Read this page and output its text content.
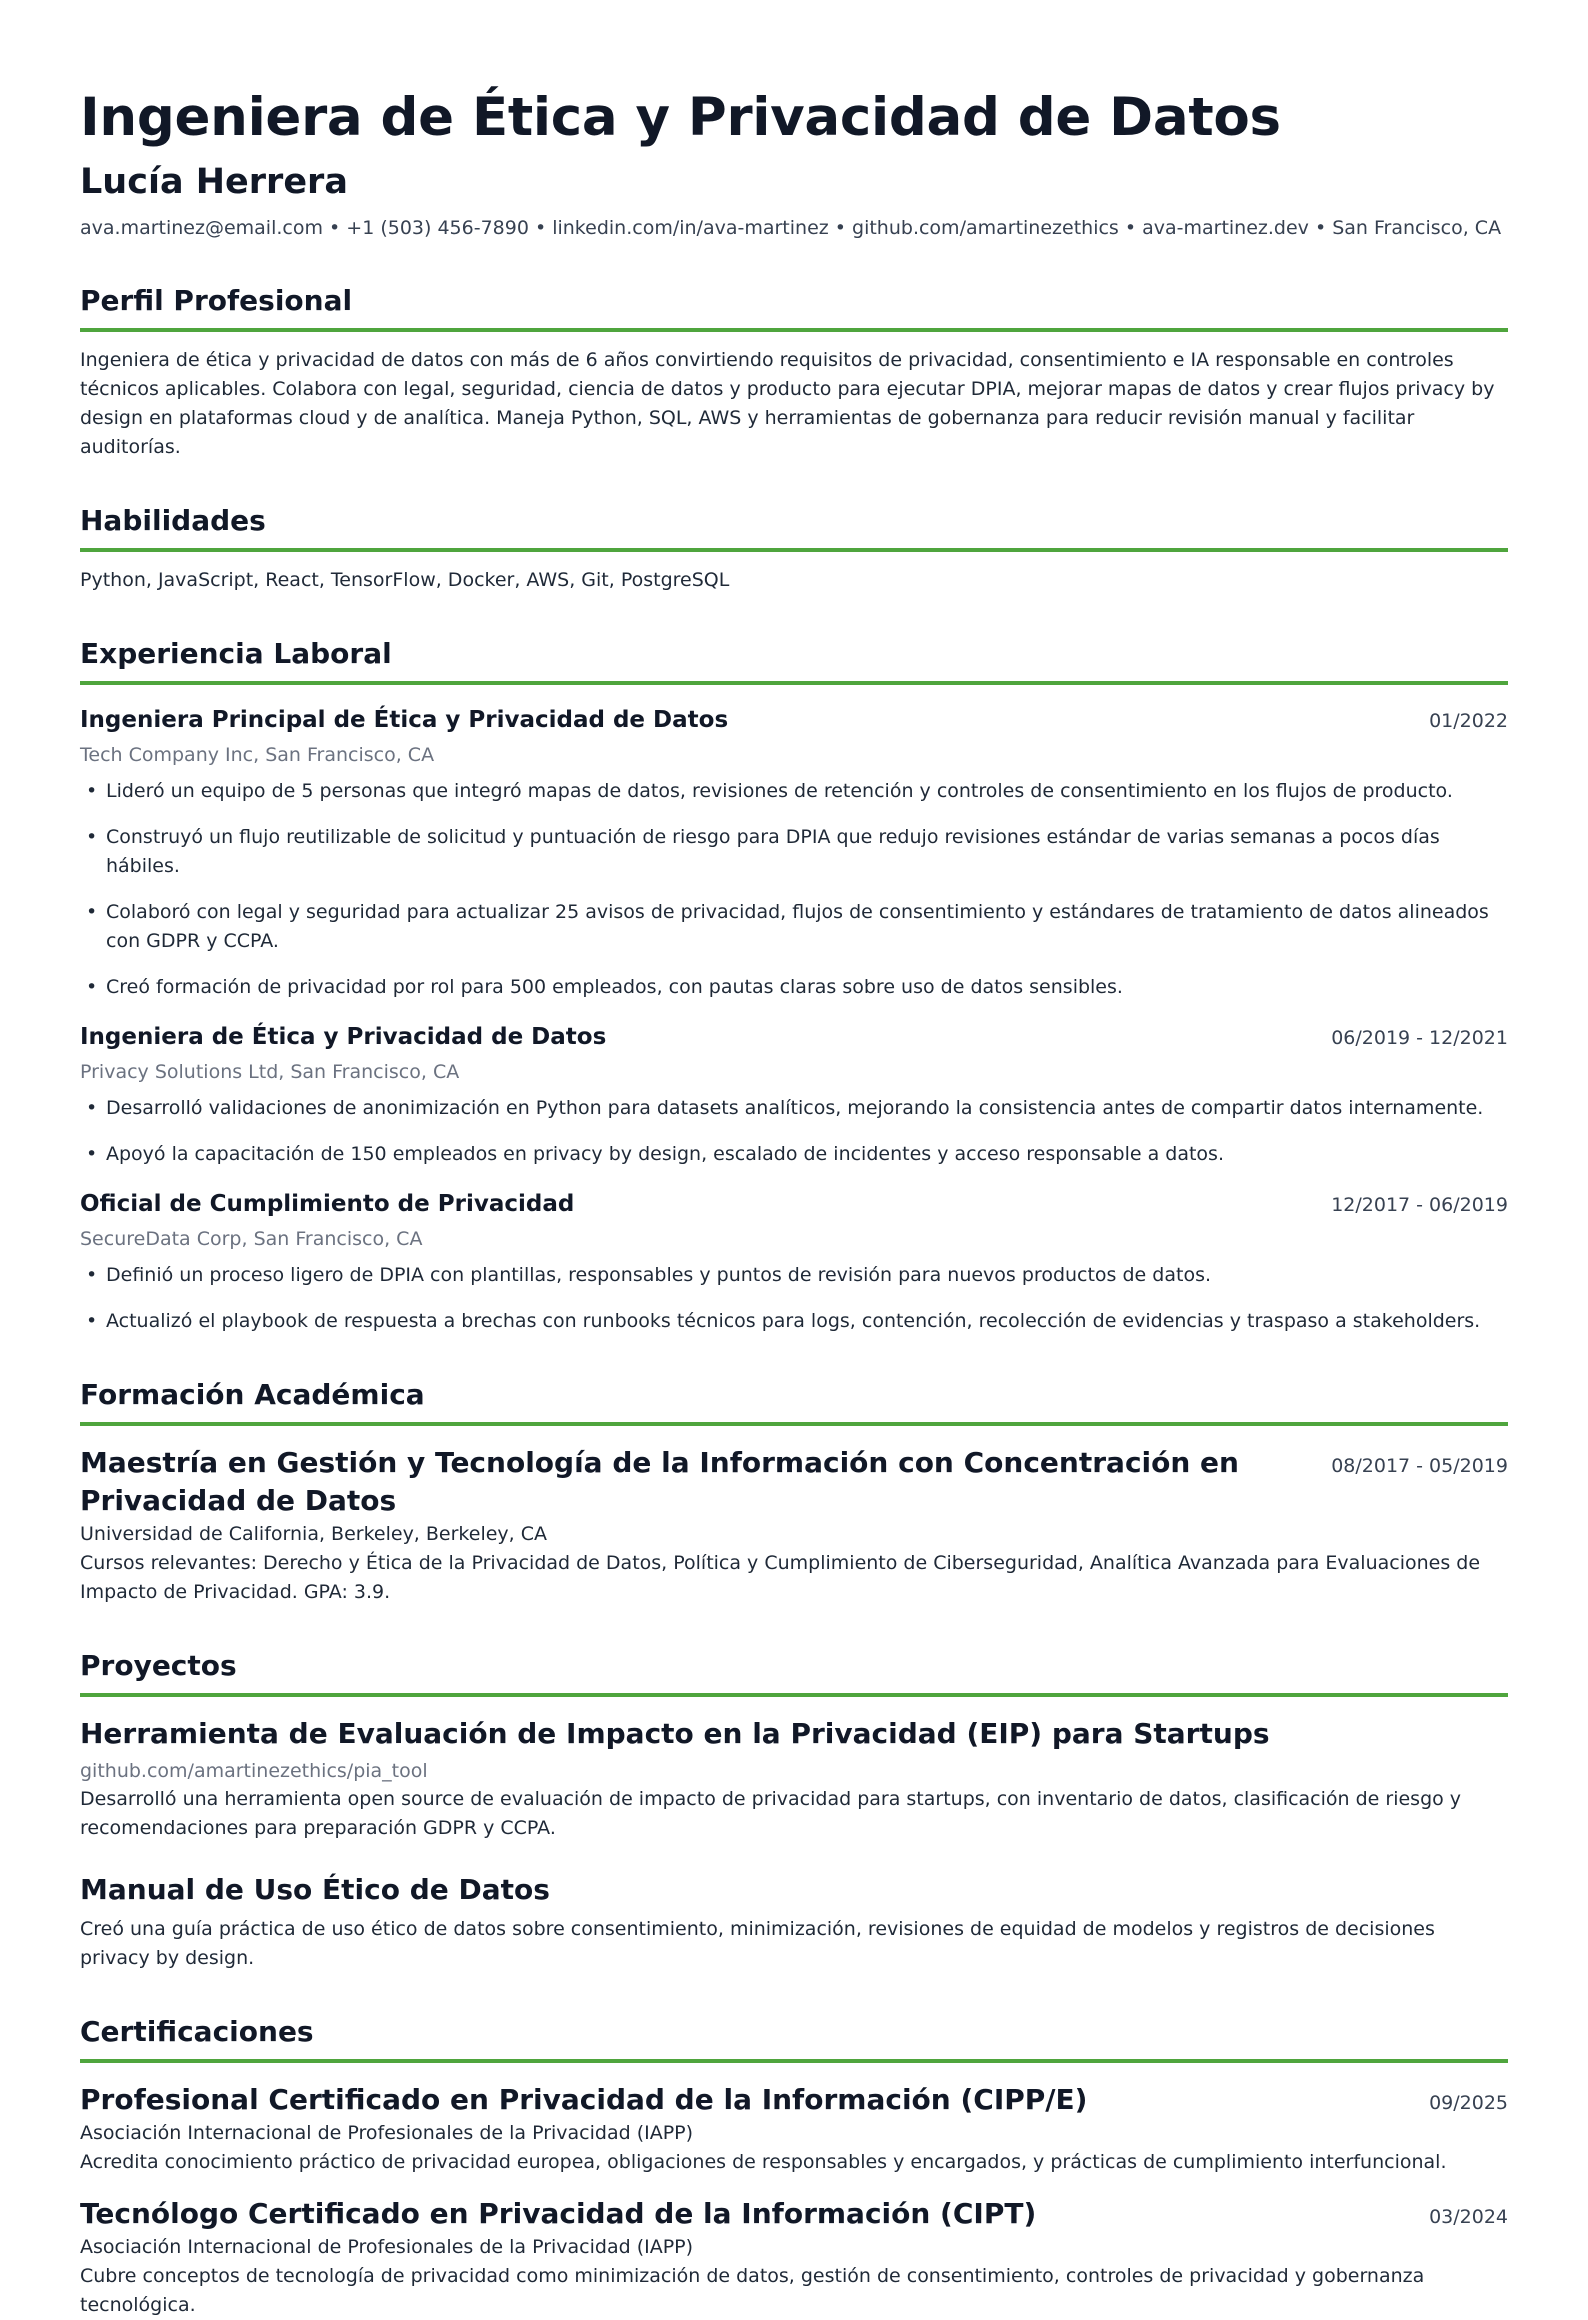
Ingeniera de Ética y Privacidad de Datos
Lucía Herrera
ava.martinez@email.com • +1 (503) 456-7890 • linkedin.com/in/ava-martinez • github.com/amartinezethics • ava-martinez.dev • San Francisco, CA
Perfil Profesional
Ingeniera de ética y privacidad de datos con más de 6 años convirtiendo requisitos de privacidad, consentimiento e IA responsable en controles técnicos aplicables. Colabora con legal, seguridad, ciencia de datos y producto para ejecutar DPIA, mejorar mapas de datos y crear flujos privacy by design en plataformas cloud y de analítica. Maneja Python, SQL, AWS y herramientas de gobernanza para reducir revisión manual y facilitar auditorías.
Habilidades
Python, JavaScript, React, TensorFlow, Docker, AWS, Git, PostgreSQL
Experiencia Laboral
Ingeniera Principal de Ética y Privacidad de Datos	01/2022
Tech Company Inc, San Francisco, CA
• Lideró un equipo de 5 personas que integró mapas de datos, revisiones de retención y controles de consentimiento en los flujos de producto.
• Construyó un flujo reutilizable de solicitud y puntuación de riesgo para DPIA que redujo revisiones estándar de varias semanas a pocos días hábiles.
• Colaboró con legal y seguridad para actualizar 25 avisos de privacidad, flujos de consentimiento y estándares de tratamiento de datos alineados con GDPR y CCPA.
• Creó formación de privacidad por rol para 500 empleados, con pautas claras sobre uso de datos sensibles.
Ingeniera de Ética y Privacidad de Datos	06/2019 - 12/2021
Privacy Solutions Ltd, San Francisco, CA
• Desarrolló validaciones de anonimización en Python para datasets analíticos, mejorando la consistencia antes de compartir datos internamente.
• Apoyó la capacitación de 150 empleados en privacy by design, escalado de incidentes y acceso responsable a datos.
Oficial de Cumplimiento de Privacidad	12/2017 - 06/2019
SecureData Corp, San Francisco, CA
• Definió un proceso ligero de DPIA con plantillas, responsables y puntos de revisión para nuevos productos de datos.
• Actualizó el playbook de respuesta a brechas con runbooks técnicos para logs, contención, recolección de evidencias y traspaso a stakeholders.
Formación Académica
Maestría en Gestión y Tecnología de la Información con Concentración en Privacidad de Datos
08/2017 - 05/2019
Universidad de California, Berkeley, Berkeley, CA
Cursos relevantes: Derecho y Ética de la Privacidad de Datos, Política y Cumplimiento de Ciberseguridad, Analítica Avanzada para Evaluaciones de Impacto de Privacidad. GPA: 3.9.
Proyectos
Herramienta de Evaluación de Impacto en la Privacidad (EIP) para Startups
github.com/amartinezethics/pia_tool
Desarrolló una herramienta open source de evaluación de impacto de privacidad para startups, con inventario de datos, clasificación de riesgo y recomendaciones para preparación GDPR y CCPA.
Manual de Uso Ético de Datos
Creó una guía práctica de uso ético de datos sobre consentimiento, minimización, revisiones de equidad de modelos y registros de decisiones privacy by design.
Certificaciones
Profesional Certificado en Privacidad de la Información (CIPP/E)	09/2025
Asociación Internacional de Profesionales de la Privacidad (IAPP)
Acredita conocimiento práctico de privacidad europea, obligaciones de responsables y encargados, y prácticas de cumplimiento interfuncional.
Tecnólogo Certificado en Privacidad de la Información (CIPT)	03/2024
Asociación Internacional de Profesionales de la Privacidad (IAPP)
Cubre conceptos de tecnología de privacidad como minimización de datos, gestión de consentimiento, controles de privacidad y gobernanza tecnológica.
